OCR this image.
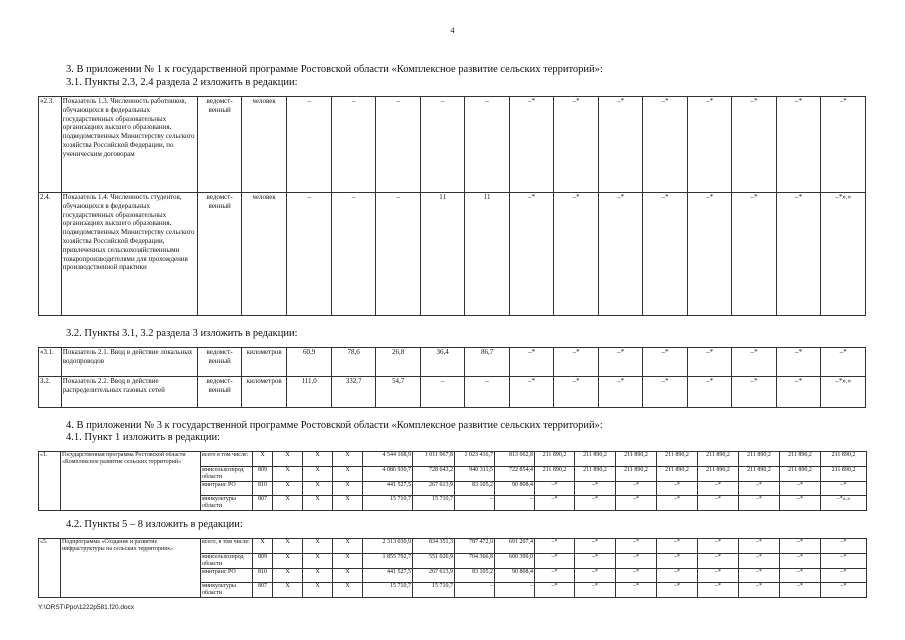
4
3. В приложении № 1 к государственной программе Ростовской области «Комплексное развитие сельских территорий»:
3.1. Пункты 2.3, 2.4 раздела 2 изложить в редакции:
«2.3.	Показатель 1.3. Численность работников, обучающихся в федеральных государственных образовательных организациях высшего образования, подведомственных Министерству сельского хозяйства Российской Федерации, по ученическим договорам	ведомст-венный	человек	–	–	–	–	–	–*	–*	–*	–*	–*	–*	–*	–*
2.4.	Показатель 1.4. Численность студентов, обучающихся в федеральных государственных образовательных организациях высшего образования, подведомственных Министерству сельского хозяйства Российской Федерации, привлеченных сельскохозяйственными товаропроизводителями для прохождения производственной практики	ведомст-венный	человек	–	–	–	11	11	–*	–*	–*	–*	–*	–*	–*	–*».»
3.2. Пункты 3.1, 3.2 раздела 3 изложить в редакции:
«3.1.	Показатель 2.1. Ввод в действие локальных водопроводов	ведомст-венный	километров	60,9	78,6	26,8	36,4	86,7	–*	–*	–*	–*	–*	–*	–*	–*
3.2.	Показатель 2.2. Ввод в действие распределительных газовых сетей	ведомст-венный	километров	111,0	332,7	54,7	–	–	–*	–*	–*	–*	–*	–*	–*	–*».»
4. В приложении № 3 к государственной программе Ростовской области «Комплексное развитие сельских территорий»:
4.1. Пункт 1 изложить в редакции:
«1.	Государственная программа Ростовской области «Комплексное развитие сельских территорий»	всего в том числе:	X	X	X	X	4 544 168,9	1 011 967,8	1 023 416,7	813 662,8	211 890,2	211 890,2	211 890,2	211 890,2	211 890,2	211 890,2	211 890,2	211 890,2
		минсельхозпрод области	809	X	X	X	4 086 930,7	728 643,2	940 311,5	722 854,4	211 890,2	211 890,2	211 890,2	211 890,2	211 890,2	211 890,2	211 890,2	211 890,2
		минтранс РО	810	X	X	X	441 527,5	267 613,9	83 105,2	90 808,4	–*	–*	–*	–*	–*	–*	–*	–*
		минкультуры области	807	X	X	X	15 710,7	15 710,7	–	–	–*	–*	–*	–*	–*	–*	–*	–*».»
4.2. Пункты 5 – 8 изложить в редакции:
«5.	Подпрограмма «Создание и развитие инфраструктуры на сельских территориях»	всего, в том числе:	X	X	X	X	2 313 030,9	834 351,3	787 472,0	691 207,4	–*	–*	–*	–*	–*	–*	–*	–*
		минсельхозпрод области	809	X	X	X	1 855 792,7	551 026,9	704 366,8	600 399,0	–*	–*	–*	–*	–*	–*	–*	–*
		минтранс РО	810	X	X	X	441 527,5	267 613,9	83 105,2	90 808,4	–*	–*	–*	–*	–*	–*	–*	–*
		минкультуры области	807	X	X	X	15 710,7	15 710,7	–	–	–*	–*	–*	–*	–*	–*	–*	–*
Y:\ORST\Ppo\1222p581.f20.docx
